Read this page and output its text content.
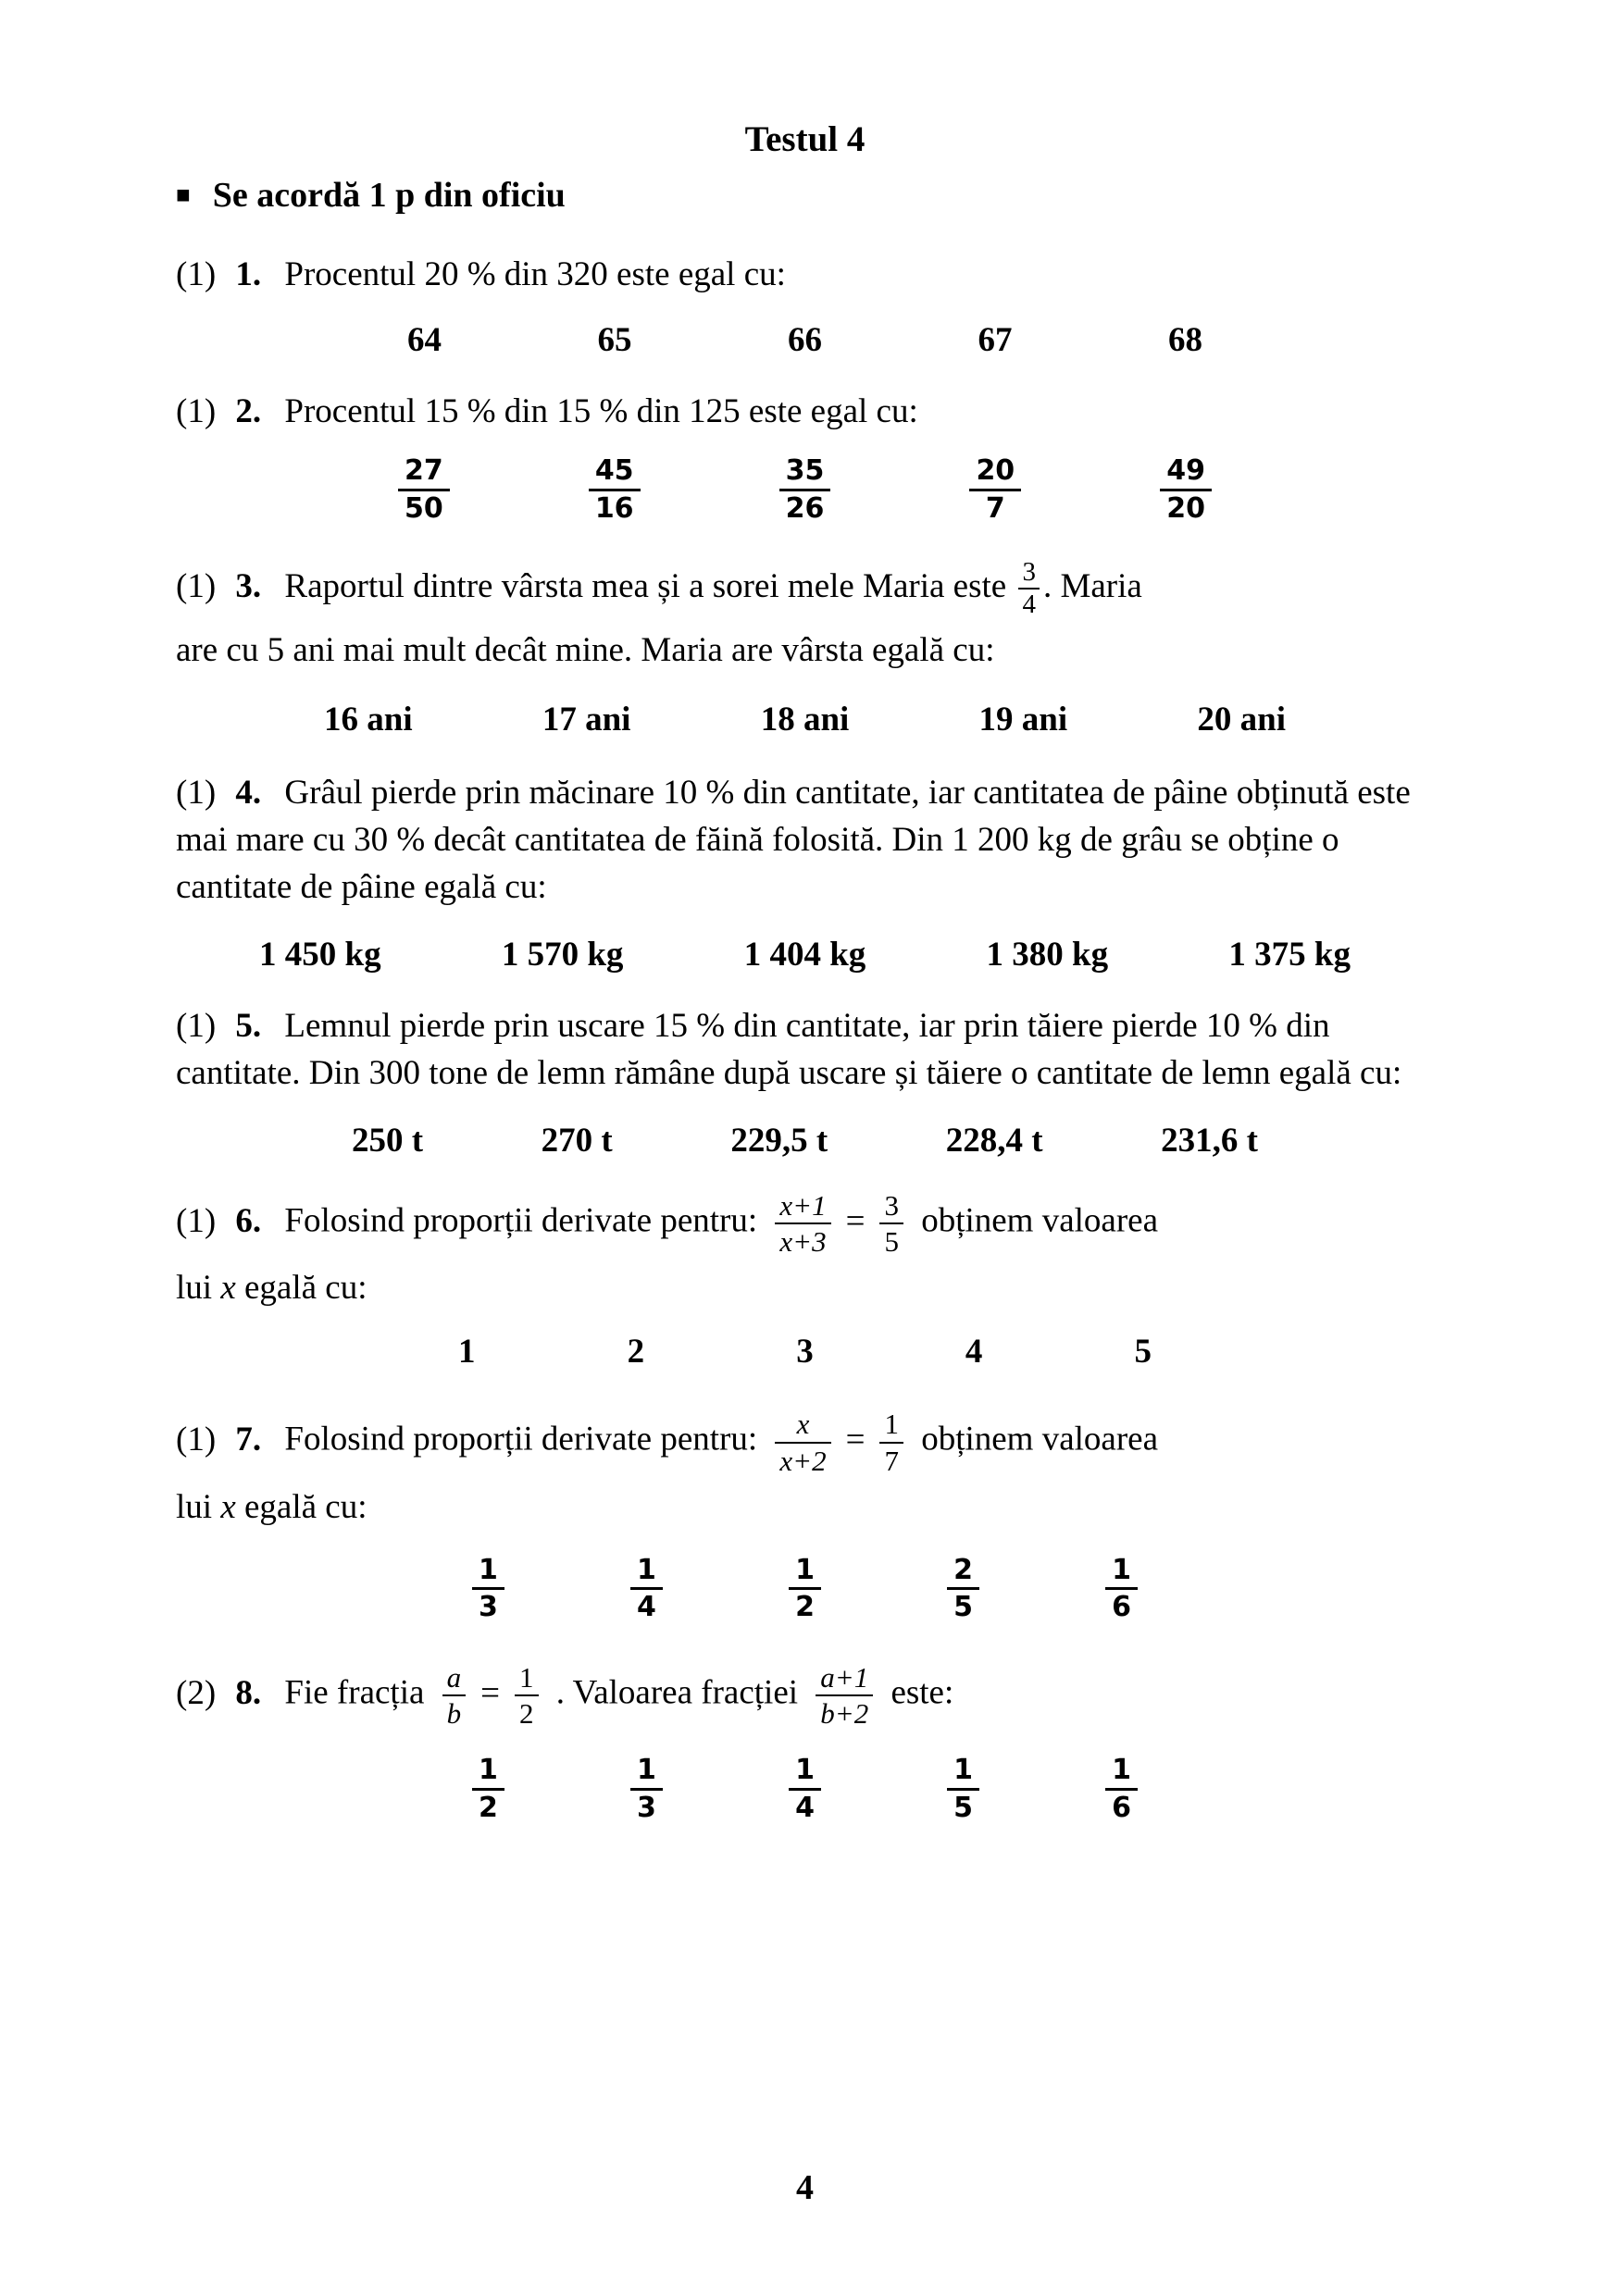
Testul 4
■ Se acordă 1 p din oficiu

(1) 1. Procentul 20 % din 320 este egal cu:

64	65	66	67	68

(1) 2. Procentul 15 % din 15 % din 125 este egal cu:

$\frac{27}{50}$	$\frac{45}{16}$	$\frac{35}{26}$	$\frac{20}{7}$	$\frac{49}{20}$

(1) 3. Raportul dintre vârsta mea și a sorei mele Maria este $\frac{3}{4}$ . Maria

are cu 5 ani mai mult decât mine. Maria are vârsta egală cu:

16 ani	17 ani	18 ani	19 ani	20 ani

(1) 4. Grâul pierde prin măcinare 10 % din cantitate, iar cantitatea de pâine obținută este mai mare cu 30 % decât cantitatea de făină folosită. Din 1 200 kg de grâu se obține o cantitate de pâine egală cu:

1 450 kg	1 570 kg	1 404 kg	1 380 kg	1 375 kg

(1) 5. Lemnul pierde prin uscare 15 % din cantitate, iar prin tăiere pierde 10 % din cantitate. Din 300 tone de lemn rămâne după uscare și tăiere o cantitate de lemn egală cu:

250 t	270 t	229,5 t	228,4 t	231,6 t

(1) 6. Folosind proporții derivate pentru: $\frac{x+1}{x+3} = \frac{3}{5}$ obținem valoarea

lui x egală cu:

1	2	3	4	5

(1) 7. Folosind proporții derivate pentru: $\frac{x}{x+2} = \frac{1}{7}$ obținem valoarea

lui x egală cu:

$\frac{1}{3}$	$\frac{1}{4}$	$\frac{1}{2}$	$\frac{2}{5}$	$\frac{1}{6}$

(2) 8. Fie fracția $\frac{a}{b} = \frac{1}{2}$ . Valoarea fracției $\frac{a+1}{b+2}$ este:

$\frac{1}{2}$	$\frac{1}{3}$	$\frac{1}{4}$	$\frac{1}{5}$	$\frac{1}{6}$
4
